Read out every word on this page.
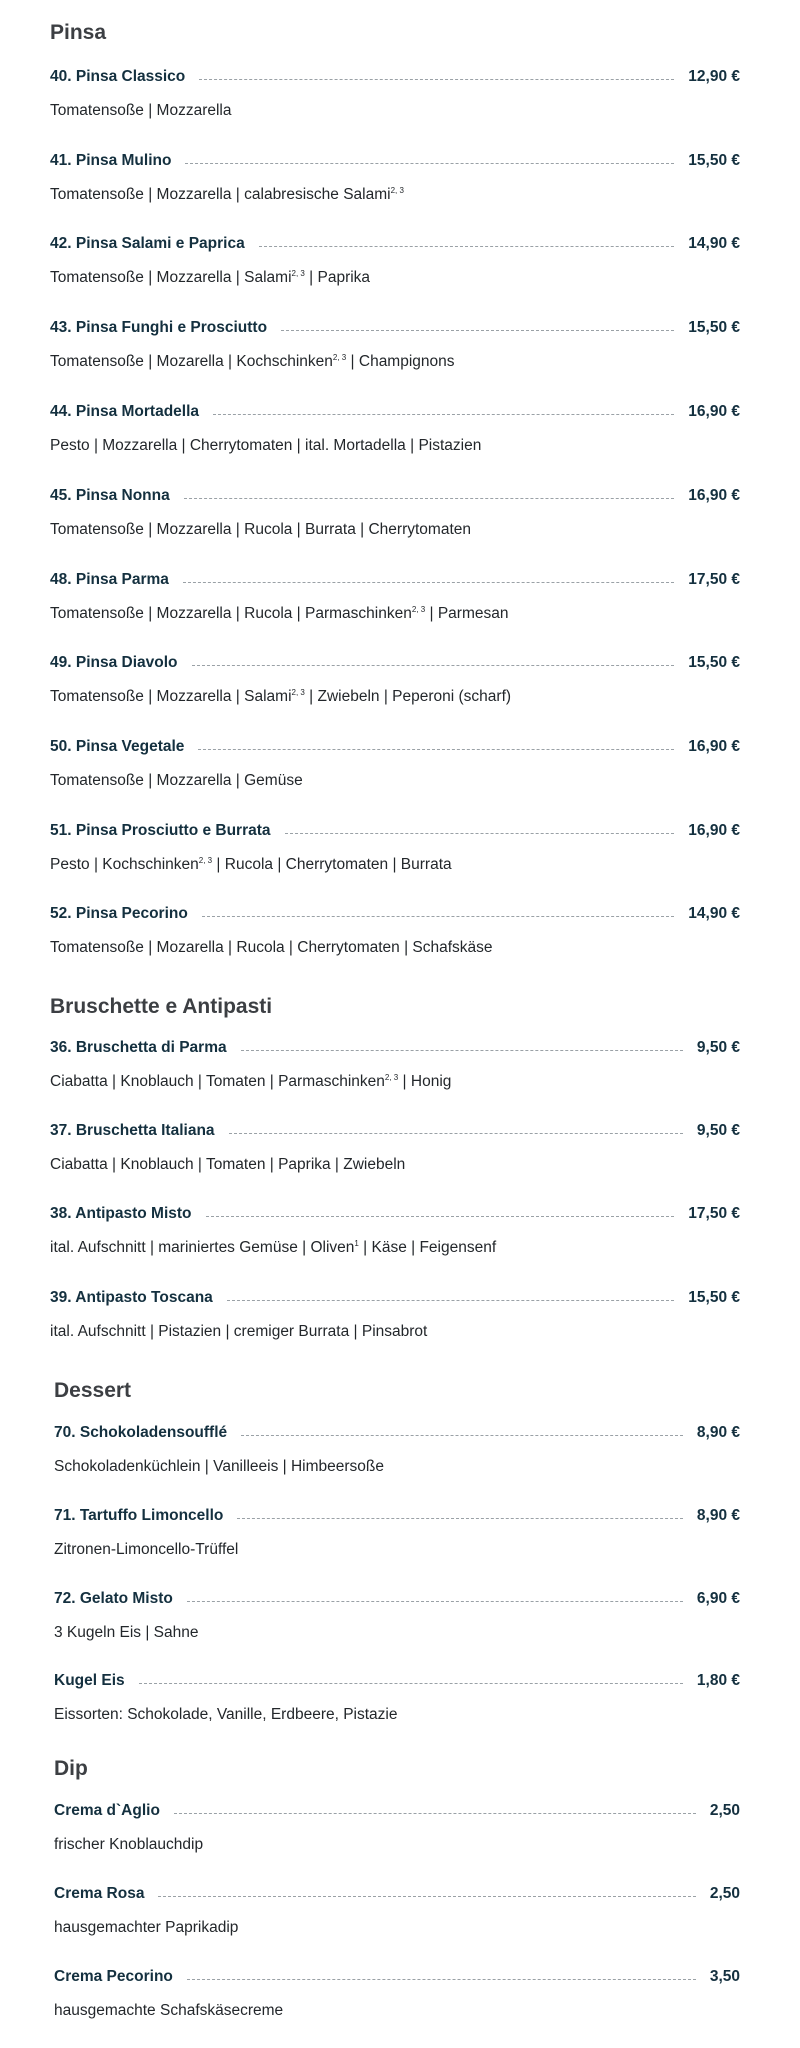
Pinsa
40. Pinsa Classico	12,90 €

Tomatensoße | Mozzarella

41. Pinsa Mulino	15,50 €

Tomatensoße | Mozzarella | calabresische Salami$^{2, 3}$

42. Pinsa Salami e Paprica	14,90 €

Tomatensoße | Mozzarella | Salami$^{2, 3}$ | Paprika

43. Pinsa Funghi e Prosciutto	15,50 €

Tomatensoße | Mozarella | Kochschinken$^{2, 3}$ | Champignons

44. Pinsa Mortadella	16,90 €

Pesto | Mozzarella | Cherrytomaten | ital. Mortadella | Pistazien

45. Pinsa Nonna	16,90 €

Tomatensoße | Mozzarella | Rucola | Burrata | Cherrytomaten

48. Pinsa Parma	17,50 €

Tomatensoße | Mozzarella | Rucola | Parmaschinken$^{2, 3}$ | Parmesan

49. Pinsa Diavolo	15,50 €

Tomatensoße | Mozzarella | Salami$^{2, 3}$ | Zwiebeln | Peperoni (scharf)

50. Pinsa Vegetale	16,90 €

Tomatensoße | Mozzarella | Gemüse

51. Pinsa Prosciutto e Burrata	16,90 €

Pesto | Kochschinken$^{2, 3}$ | Rucola | Cherrytomaten | Burrata

52. Pinsa Pecorino	14,90 €

Tomatensoße | Mozarella | Rucola | Cherrytomaten | Schafskäse

Bruschette e Antipasti
36. Bruschetta di Parma	9,50 €

Ciabatta | Knoblauch | Tomaten | Parmaschinken$^{2, 3}$ | Honig

37. Bruschetta Italiana	9,50 €

Ciabatta | Knoblauch | Tomaten | Paprika | Zwiebeln

38. Antipasto Misto	17,50 €

ital. Aufschnitt | mariniertes Gemüse | Oliven$^1$ | Käse | Feigensenf

39. Antipasto Toscana	15,50 €

ital. Aufschnitt | Pistazien | cremiger Burrata | Pinsabrot

Dessert
70. Schokoladensoufflé	8,90 €

Schokoladenküchlein | Vanilleeis | Himbeersoße

71. Tartuffo Limoncello	8,90 €

Zitronen-Limoncello-Trüffel

72. Gelato Misto	6,90 €

3 Kugeln Eis | Sahne

Kugel Eis	1,80 €

Eissorten: Schokolade, Vanille, Erdbeere, Pistazie

Dip
Crema d`Aglio	2,50

frischer Knoblauchdip

Crema Rosa	2,50

hausgemachter Paprikadip

Crema Pecorino	3,50

hausgemachte Schafskäsecreme
